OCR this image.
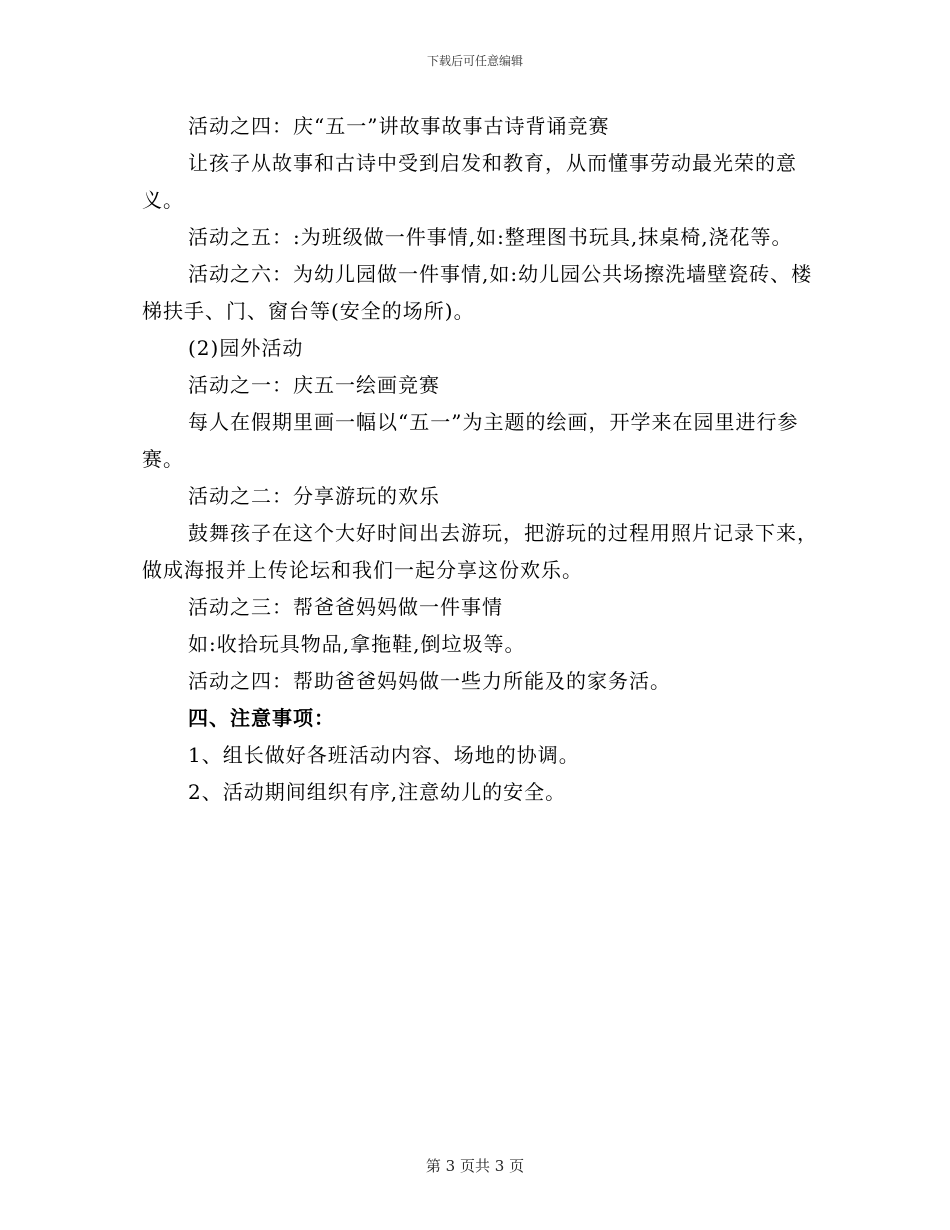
下载后可任意编辑

活动之四：庆“五一”讲故事故事古诗背诵竞赛

让孩子从故事和古诗中受到启发和教育，从而懂事劳动最光荣的意义。

活动之五：:为班级做一件事情,如:整理图书玩具,抹桌椅,浇花等。

活动之六：为幼儿园做一件事情,如:幼儿园公共场擦洗墙壁瓷砖、楼梯扶手、门、窗台等(安全的场所)。

(2)园外活动

活动之一：庆五一绘画竞赛

每人在假期里画一幅以“五一”为主题的绘画，开学来在园里进行参赛。

活动之二：分享游玩的欢乐

鼓舞孩子在这个大好时间出去游玩，把游玩的过程用照片记录下来，做成海报并上传论坛和我们一起分享这份欢乐。

活动之三：帮爸爸妈妈做一件事情

如:收拾玩具物品,拿拖鞋,倒垃圾等。

活动之四：帮助爸爸妈妈做一些力所能及的家务活。

四、注意事项：

1、组长做好各班活动内容、场地的协调。

2、活动期间组织有序,注意幼儿的安全。

第 3 页共 3 页
